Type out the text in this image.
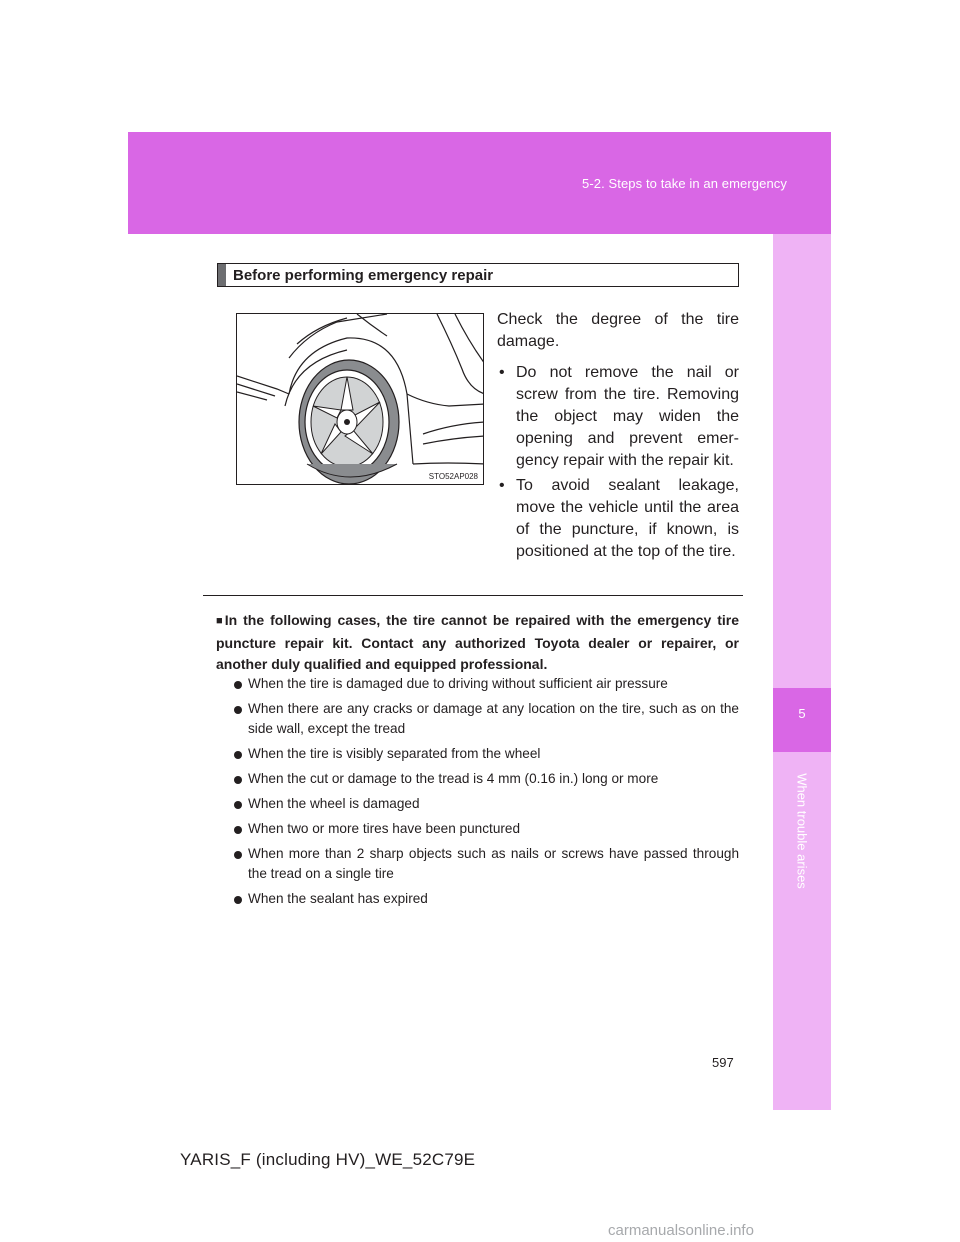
5-2. Steps to take in an emergency
5
When trouble arises
Before performing emergency repair
STO52AP028

Check the degree of the tire damage.

• Do not remove the nail or screw from the tire. Removing the object may widen the opening and prevent emer- gency repair with the repair kit.
• To avoid sealant leakage, move the vehicle until the area of the puncture, if known, is positioned at the top of the tire.

■In the following cases, the tire cannot be repaired with the emergency tire puncture repair kit. Contact any authorized Toyota dealer or repairer, or another duly qualified and equipped professional.

When the tire is damaged due to driving without sufficient air pressure
When there are any cracks or damage at any location on the tire, such as on the side wall, except the tread
When the tire is visibly separated from the wheel
When the cut or damage to the tread is 4 mm (0.16 in.) long or more
When the wheel is damaged
When two or more tires have been punctured
When more than 2 sharp objects such as nails or screws have passed through the tread on a single tire
When the sealant has expired
597
YARIS_F (including HV)_WE_52C79E
carmanualsonline.info
